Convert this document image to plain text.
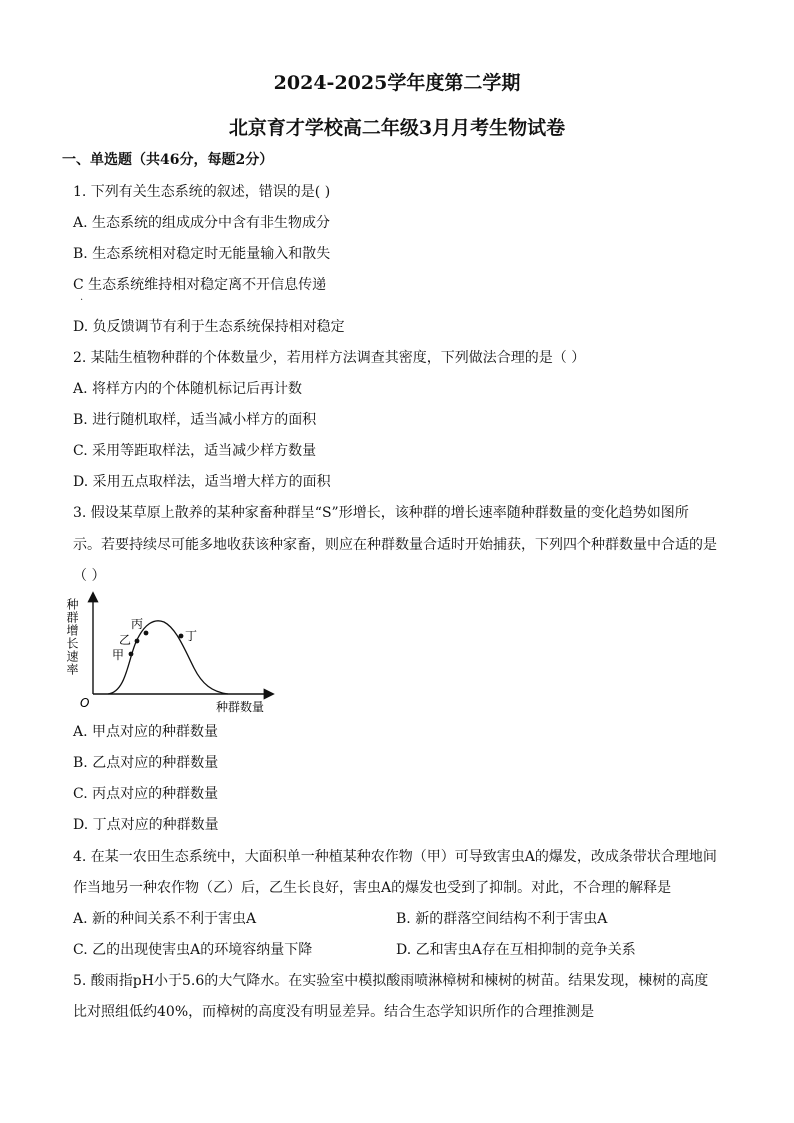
2024-2025学年度第二学期
北京育才学校高二年级3月月考生物试卷
一、单选题（共46分，每题2分）
1. 下列有关生态系统的叙述，错误的是( )
A. 生态系统的组成成分中含有非生物成分
B. 生态系统相对稳定时无能量输入和散失
C 生态系统维持相对稳定离不开信息传递
.
D. 负反馈调节有利于生态系统保持相对稳定
2. 某陆生植物种群的个体数量少，若用样方法调查其密度，下列做法合理的是（ ）
A. 将样方内的个体随机标记后再计数
B. 进行随机取样，适当减小样方的面积
C. 采用等距取样法，适当减少样方数量
D. 采用五点取样法，适当增大样方的面积
3. 假设某草原上散养的某种家畜种群呈“S”形增长，该种群的增长速率随种群数量的变化趋势如图所
示。若要持续尽可能多地收获该种家畜，则应在种群数量合适时开始捕获，下列四个种群数量中合适的是
（ ）
甲
乙
丙
丁
O	种群数量
种群增长速率
A. 甲点对应的种群数量
B. 乙点对应的种群数量
C. 丙点对应的种群数量
D. 丁点对应的种群数量
4. 在某一农田生态系统中，大面积单一种植某种农作物（甲）可导致害虫A的爆发，改成条带状合理地间
作当地另一种农作物（乙）后，乙生长良好，害虫A的爆发也受到了抑制。对此，不合理的解释是
A. 新的种间关系不利于害虫A	B. 新的群落空间结构不利于害虫A
C. 乙的出现使害虫A的环境容纳量下降	D. 乙和害虫A存在互相抑制的竞争关系
5. 酸雨指pH小于5.6的大气降水。在实验室中模拟酸雨喷淋樟树和楝树的树苗。结果发现，楝树的高度
比对照组低约40%，而樟树的高度没有明显差异。结合生态学知识所作的合理推测是
